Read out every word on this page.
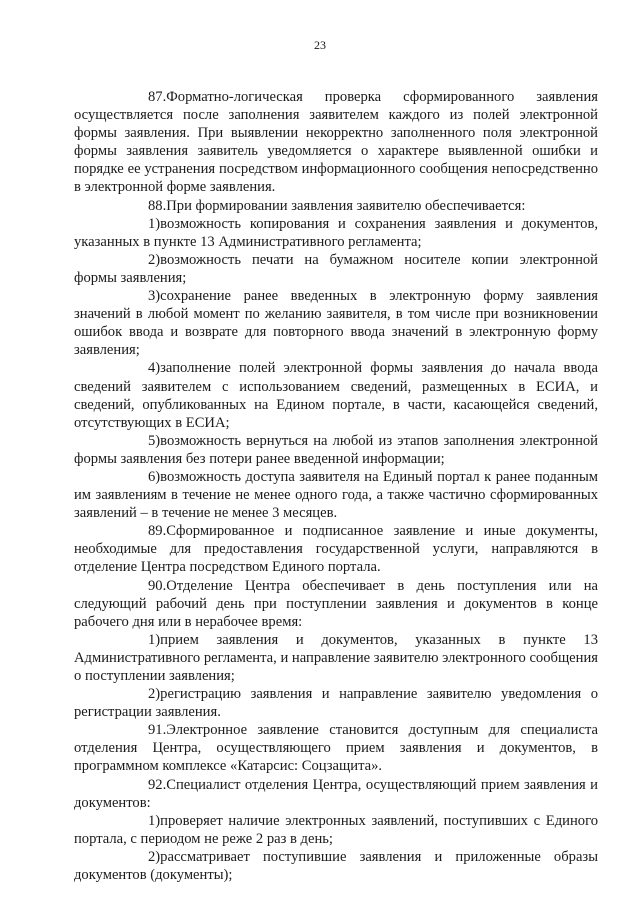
23

87.Форматно-логическая проверка сформированного заявления осуществляется после заполнения заявителем каждого из полей электронной формы заявления. При выявлении некорректно заполненного поля электронной формы заявления заявитель уведомляется о характере выявленной ошибки и порядке ее устранения посредством информационного сообщения непосредственно в электронной форме заявления.

88.При формировании заявления заявителю обеспечивается:

1)возможность копирования и сохранения заявления и документов, указанных в пункте 13 Административного регламента;

2)возможность печати на бумажном носителе копии электронной формы заявления;

3)сохранение ранее введенных в электронную форму заявления значений в любой момент по желанию заявителя, в том числе при возникновении ошибок ввода и возврате для повторного ввода значений в электронную форму заявления;

4)заполнение полей электронной формы заявления до начала ввода сведений заявителем с использованием сведений, размещенных в ЕСИА, и сведений, опубликованных на Едином портале, в части, касающейся сведений, отсутствующих в ЕСИА;

5)возможность вернуться на любой из этапов заполнения электронной формы заявления без потери ранее введенной информации;

6)возможность доступа заявителя на Единый портал к ранее поданным им заявлениям в течение не менее одного года, а также частично сформированных заявлений – в течение не менее 3 месяцев.

89.Сформированное и подписанное заявление и иные документы, необходимые для предоставления государственной услуги, направляются в отделение Центра посредством Единого портала.

90.Отделение Центра обеспечивает в день поступления или на следующий рабочий день при поступлении заявления и документов в конце рабочего дня или в нерабочее время:

1)прием заявления и документов, указанных в пункте 13 Административного регламента, и направление заявителю электронного сообщения о поступлении заявления;

2)регистрацию заявления и направление заявителю уведомления о регистрации заявления.

91.Электронное заявление становится доступным для специалиста отделения Центра, осуществляющего прием заявления и документов, в программном комплексе «Катарсис: Соцзащита».

92.Специалист отделения Центра, осуществляющий прием заявления и документов:

1)проверяет наличие электронных заявлений, поступивших с Единого портала, с периодом не реже 2 раз в день;

2)рассматривает поступившие заявления и приложенные образы документов (документы);
